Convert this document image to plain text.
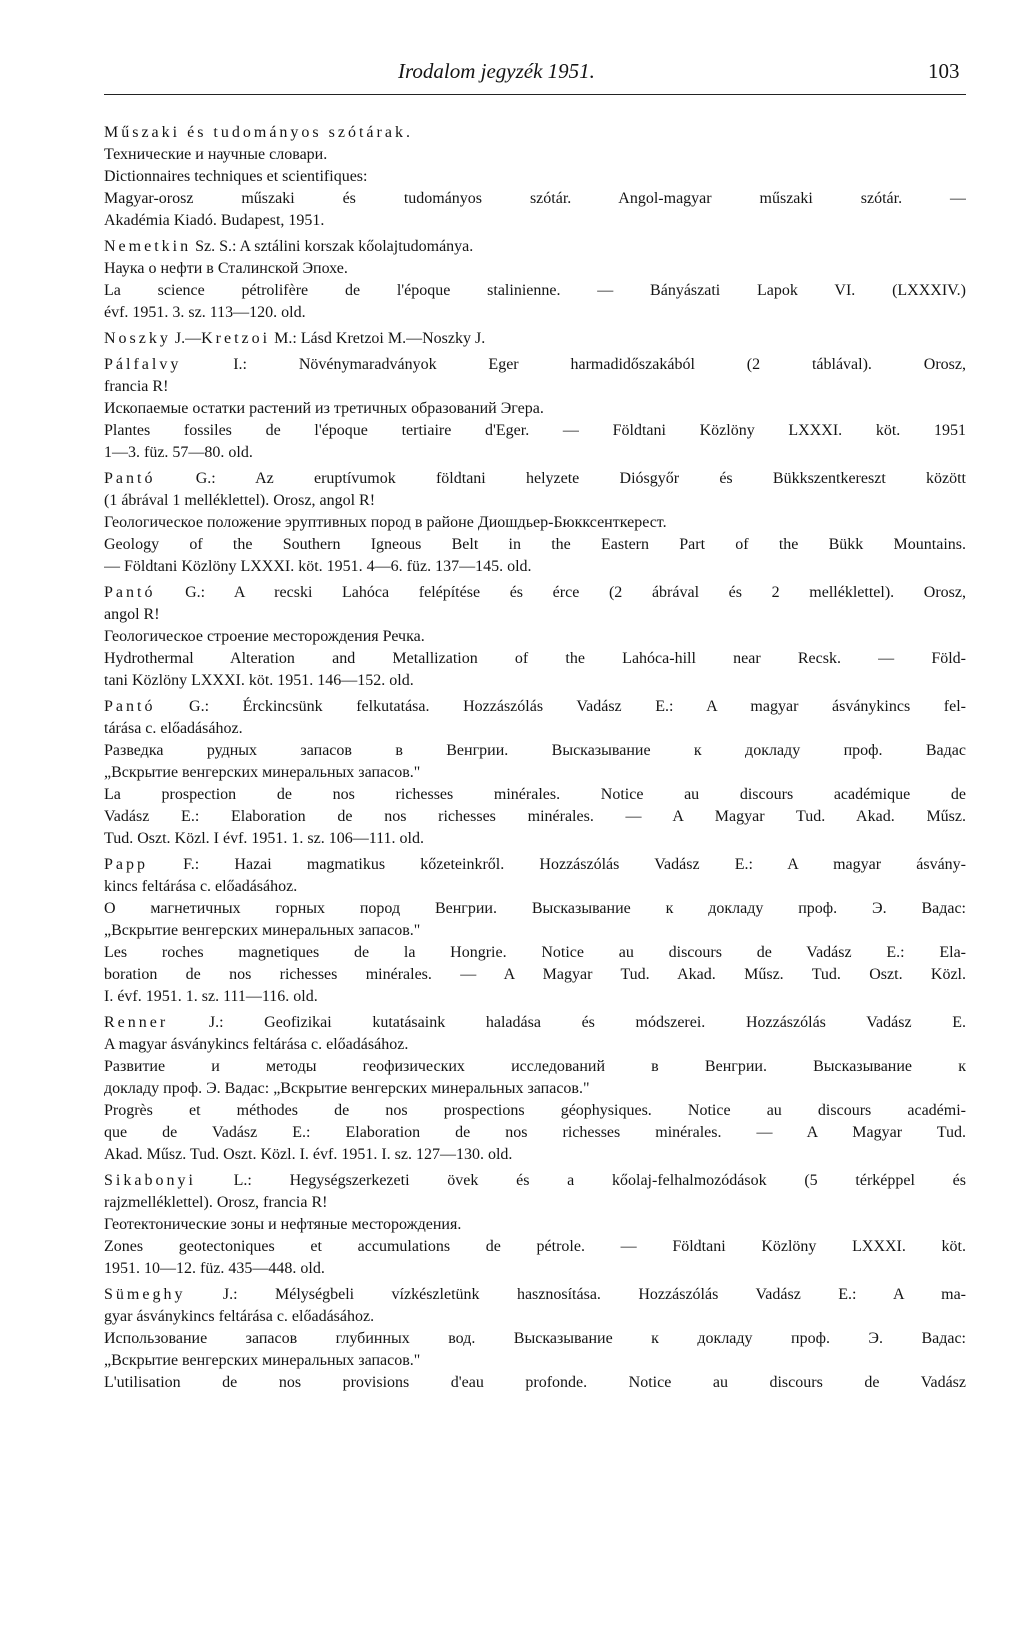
Irodalom jegyzék 1951.	103
Műszaki és tudományos szótárak.
Технические и научные словари.
Dictionnaires techniques et scientifiques:
Magyar-orosz műszaki és tudományos szótár. Angol-magyar műszaki szótár. —
Akadémia Kiadó. Budapest, 1951.
Nemetkin Sz. S.: A sztálini korszak kőolajtudománya.
Наука о нефти в Сталинской Эпохе.
La science pétrolifère de l'époque stalinienne. — Bányászati Lapok VI. (LXXXIV.)
évf. 1951. 3. sz. 113—120. old.
Noszky J.—Kretzoi M.: Lásd Kretzoi M.—Noszky J.
Pálfalvy I.: Növénymaradványok Eger harmadidőszakából (2 táblával). Orosz,
francia R!
Ископаемые остатки растений из третичных образований Эгера.
Plantes fossiles de l'époque tertiaire d'Eger. — Földtani Közlöny LXXXI. köt. 1951
1—3. füz. 57—80. old.
Pantó G.: Az eruptívumok földtani helyzete Diósgyőr és Bükkszentkereszt között
(1 ábrával 1 melléklettel). Orosz, angol R!
Геологическое положение эруптивных пород в районе Диошдьер-Бюкксенткерест.
Geology of the Southern Igneous Belt in the Eastern Part of the Bükk Mountains.
— Földtani Közlöny LXXXI. köt. 1951. 4—6. füz. 137—145. old.
Pantó G.: A recski Lahóca felépítése és érce (2 ábrával és 2 melléklettel). Orosz,
angol R!
Геологическое строение месторождения Речка.
Hydrothermal Alteration and Metallization of the Lahóca-hill near Recsk. — Föld-
tani Közlöny LXXXI. köt. 1951. 146—152. old.
Pantó G.: Érckincsünk felkutatása. Hozzászólás Vadász E.: A magyar ásványkincs fel-
tárása c. előadásához.
Разведка рудных запасов в Венгрии. Высказывание к докладу проф. Вадас
„Вскрытие венгерских минеральных запасов."
La prospection de nos richesses minérales. Notice au discours académique de
Vadász E.: Elaboration de nos richesses minérales. — A Magyar Tud. Akad. Műsz.
Tud. Oszt. Közl. I évf. 1951. 1. sz. 106—111. old.
Papp F.: Hazai magmatikus kőzeteinkről. Hozzászólás Vadász E.: A magyar ásvány-
kincs feltárása c. előadásához.
О магнетичных горных пород Венгрии. Высказывание к докладу проф. Э. Вадас:
„Вскрытие венгерских минеральных запасов."
Les roches magnetiques de la Hongrie. Notice au discours de Vadász E.: Ela-
boration de nos richesses minérales. — A Magyar Tud. Akad. Műsz. Tud. Oszt. Közl.
I. évf. 1951. 1. sz. 111—116. old.
Renner J.: Geofizikai kutatásaink haladása és módszerei. Hozzászólás Vadász E.
A magyar ásványkincs feltárása c. előadásához.
Развитие и методы геофизических исследований в Венгрии. Высказывание к
докладу проф. Э. Вадас: „Вскрытие венгерских минеральных запасов."
Progrès et méthodes de nos prospections géophysiques. Notice au discours académi-
que de Vadász E.: Elaboration de nos richesses minérales. — A Magyar Tud.
Akad. Műsz. Tud. Oszt. Közl. I. évf. 1951. I. sz. 127—130. old.
Sikabonyi L.: Hegységszerkezeti övek és a kőolaj-felhalmozódások (5 térképpel és
rajzmelléklettel). Orosz, francia R!
Геотектонические зоны и нефтяные месторождения.
Zones geotectoniques et accumulations de pétrole. — Földtani Közlöny LXXXI. köt.
1951. 10—12. füz. 435—448. old.
Sümeghy J.: Mélységbeli vízkészletünk hasznosítása. Hozzászólás Vadász E.: A ma-
gyar ásványkincs feltárása c. előadásához.
Использование запасов глубинных вод. Высказывание к докладу проф. Э. Вадас:
„Вскрытие венгерских минеральных запасов."
L'utilisation de nos provisions d'eau profonde. Notice au discours de Vadász
